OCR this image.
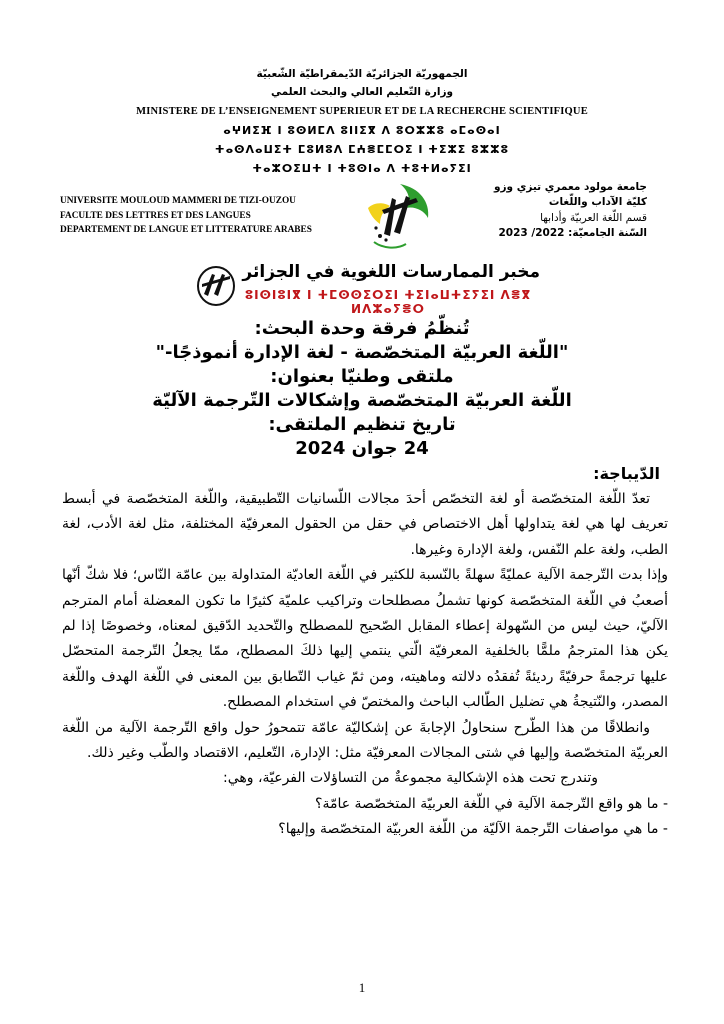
الجمهوريّة الجزائريّة الدّيمقراطيّة الشّعبيّة
وزارة التّعليم العالي والبحث العلمي
MINISTERE DE L’ENSEIGNEMENT SUPERIEUR ET DE LA RECHERCHE SCIENTIFIQUE
ⴰⵖⵍⵉⴼ ⵏ ⵓⵙⵍⵎⴷ ⵓⵏⵏⵉⴳ ⴷ ⵓⵔⵣⵣⵓ ⴰⵎⴰⵙⴰⵏ
ⵜⴰⵙⴷⴰⵡⵉⵜ ⵎⵓⵍⵓⴷ ⵎⵄⴻⵎⵎⵔⵉ ⵏ ⵜⵉⵣⵉ ⵓⵣⵣⵓ
ⵜⴰⵣⵔⵉⵡⵜ ⵏ ⵜⵓⵙⵏⴰ ⴷ ⵜⵓⵜⵍⴰⵢⵉⵏ
UNIVERSITE MOULOUD MAMMERI DE TIZI-OUZOU
FACULTE DES LETTRES ET DES LANGUES
DEPARTEMENT DE LANGUE ET LITTERATURE ARABES
جامعة مولود معمري تيزي وزو
كليّة الآداب واللّغات
قسم اللّغة العربيّة وأدابها
السّنة الجامعيّة: 2022/ 2023
مخبر الممارسات اللغوية في الجزائر
ⵓⵏⵙⵏⵓⵏⴳ ⵏ ⵜⵎⵙⵙⵉⵔⵉⵏ ⵜⵉⵏⴰⵡⵜⵉⵢⵉⵏ ⴷⴻⴳ ⵍⴷⵣⴰⵢⴻⵔ
تُنظّمُ فرقة وحدة البحث:
"اللّغة العربيّة المتخصّصة - لغة الإدارة أنموذجًا-"
ملتقى وطنيّا بعنوان:
اللّغة العربيّة المتخصّصة وإشكالات التّرجمة الآليّة
تاريخ تنظيم الملتقى:
24 جوان 2024
الدّيباجة:

تعدّ اللّغة المتخصّصة أو لغة التخصّص أحدَ مجالات اللّسانيات التّطبيقية، واللّغة المتخصّصة في أبسط تعريف لها هي لغة يتداولها أهل الاختصاص في حقل من الحقول المعرفيّة المختلفة، مثل لغة الأدب، لغة الطب، ولغة علم النّفس، ولغة الإدارة وغيرها.

وإذا بدت التّرجمة الآلية عمليّةً سهلةً بالنّسبة للكثير في اللّغة العاديّة المتداولة بين عامّة النّاس؛ فلا شكّ أنّها أصعبُ في اللّغة المتخصّصة كونها تشملُ مصطلحات وتراكيب علميّة كثيرًا ما تكون المعضلة أمام المترجم الآليّ، حيث ليس من السّهولة إعطاء المقابل الصّحيح للمصطلح والتّحديد الدّقيق لمعناه، وخصوصًا إذا لم يكن هذا المترجمُ ملمًّا بالخلفية المعرفيّة الّتي ينتمي إليها ذلكَ المصطلح، ممّا يجعلُ التّرجمة المتحصّل عليها ترجمةً حرفيّةً رديئةً تُفقدُه دلالته وماهيته، ومن ثمّ غياب التّطابق بين المعنى في اللّغة الهدف واللّغة المصدر، والنّتيجةُ هي تضليل الطّالب الباحث والمختصّ في استخدام المصطلح.

وانطلاقًا من هذا الطّرح سنحاولُ الإجابةَ عن إشكاليّة عامّة تتمحورُ حول واقع التّرجمة الآلية من اللّغة العربيّة المتخصّصة وإليها في شتى المجالات المعرفيّة مثل: الإدارة، التّعليم، الاقتصاد والطّب وغير ذلك.

وتندرج تحت هذه الإشكالية مجموعةٌ من التساؤلات الفرعيّة، وهي:

- ما هو واقع التّرجمة الآلية في اللّغة العربيّة المتخصّصة عامّة؟

- ما هي مواصفات التّرجمة الآليّة من اللّغة العربيّة المتخصّصة وإليها؟

1
